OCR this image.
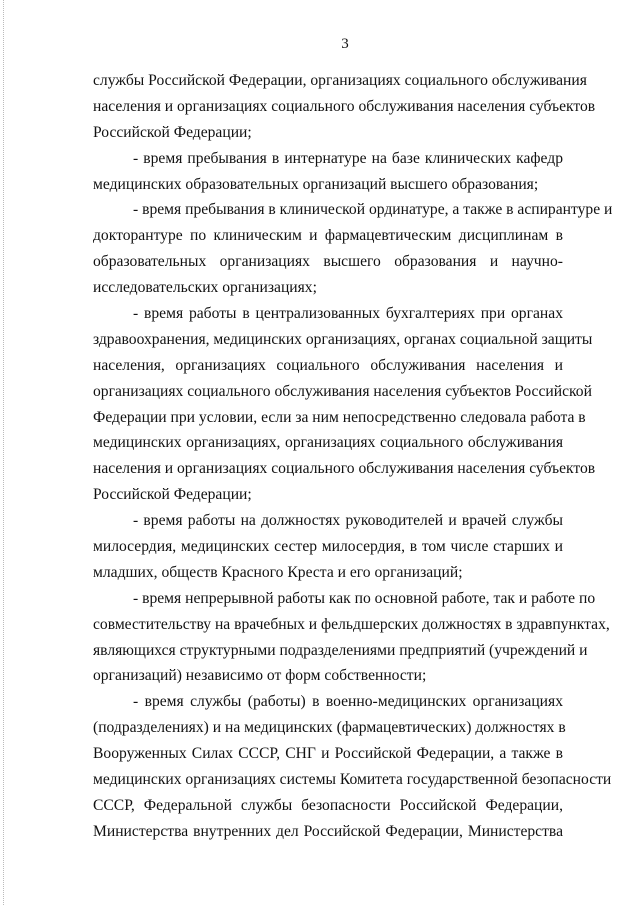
3
службы Российской Федерации, организациях социального обслуживания
населения и организациях социального обслуживания населения субъектов
Российской Федерации;
- время пребывания в интернатуре на базе клинических кафедр
медицинских образовательных организаций высшего образования;
- время пребывания в клинической ординатуре, а также в аспирантуре и
докторантуре по клиническим и фармацевтическим дисциплинам в
образовательных организациях высшего образования и научно-
исследовательских организациях;
- время работы в централизованных бухгалтериях при органах
здравоохранения, медицинских организациях, органах социальной защиты
населения, организациях социального обслуживания населения и
организациях социального обслуживания населения субъектов Российской
Федерации при условии, если за ним непосредственно следовала работа в
медицинских организациях, организациях социального обслуживания
населения и организациях социального обслуживания населения субъектов
Российской Федерации;
- время работы на должностях руководителей и врачей службы
милосердия, медицинских сестер милосердия, в том числе старших и
младших, обществ Красного Креста и его организаций;
- время непрерывной работы как по основной работе, так и работе по
совместительству на врачебных и фельдшерских должностях в здравпунктах,
являющихся структурными подразделениями предприятий (учреждений и
организаций) независимо от форм собственности;
- время службы (работы) в военно-медицинских организациях
(подразделениях) и на медицинских (фармацевтических) должностях в
Вооруженных Силах СССР, СНГ и Российской Федерации, а также в
медицинских организациях системы Комитета государственной безопасности
СССР, Федеральной службы безопасности Российской Федерации,
Министерства внутренних дел Российской Федерации, Министерства
